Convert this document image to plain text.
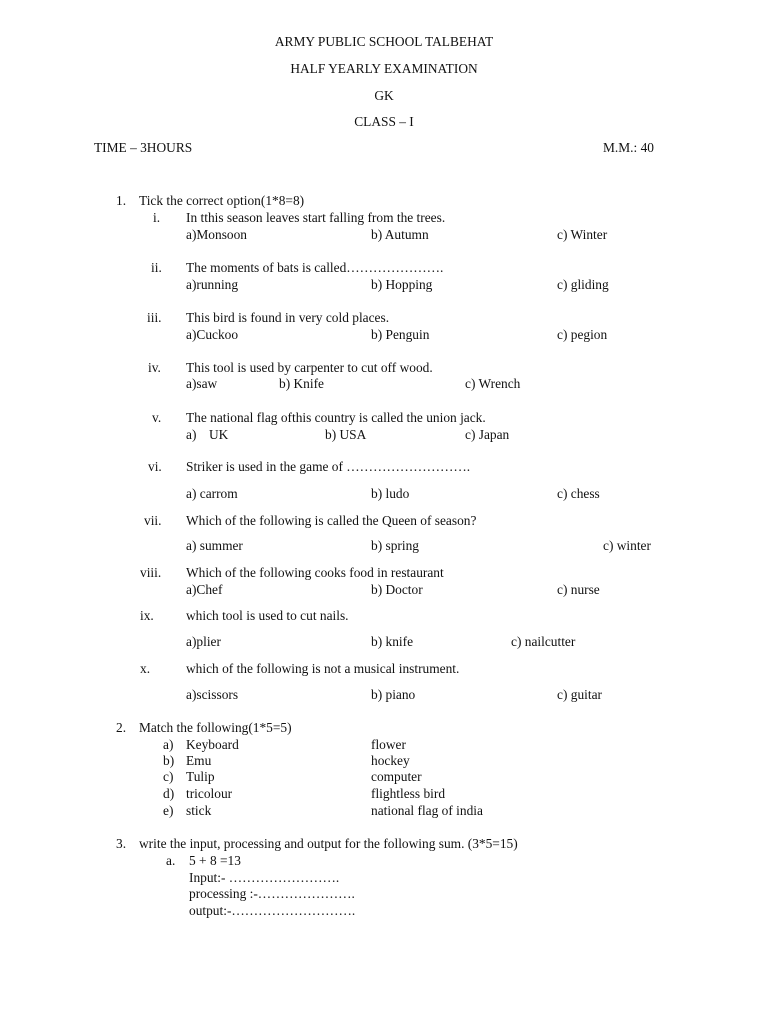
ARMY PUBLIC SCHOOL TALBEHAT
HALF YEARLY EXAMINATION
GK
CLASS – I
TIME – 3HOURS	M.M.: 40
1. Tick the correct option(1*8=8)
i. In tthis season leaves start falling from the trees.
a)Monsoon	b) Autumn	c) Winter
ii. The moments of bats is called………………….
a)running	b) Hopping	c) gliding
iii. This bird is found in very cold places.
a)Cuckoo	b) Penguin	c) pegion
iv. This tool is used by carpenter to cut off wood.
a)saw	b) Knife	c) Wrench
v. The national flag ofthis country is called the union jack.
a) UK	b) USA	c) Japan
vi. Striker is used in the game of ……………………….
a) carrom	b) ludo	c) chess
vii. Which of the following is called the Queen of season?
a) summer	b) spring	c) winter
viii. Which of the following cooks food in restaurant
a)Chef	b) Doctor	c) nurse
ix. which tool is used to cut nails.
a)plier	b) knife	c) nailcutter
x.	which of the following is not a musical instrument.
a)scissors	b) piano	c) guitar
2. Match the following(1*5=5)
a) Keyboard	flower
b) Emu	hockey
c) Tulip	computer
d) tricolour	flightless bird
e) stick	national flag of india
3. write the input, processing and output for the following sum. (3*5=15)
a. 5 + 8 =13
Input:- …………………….
processing :-………………….
output:-……………………….
